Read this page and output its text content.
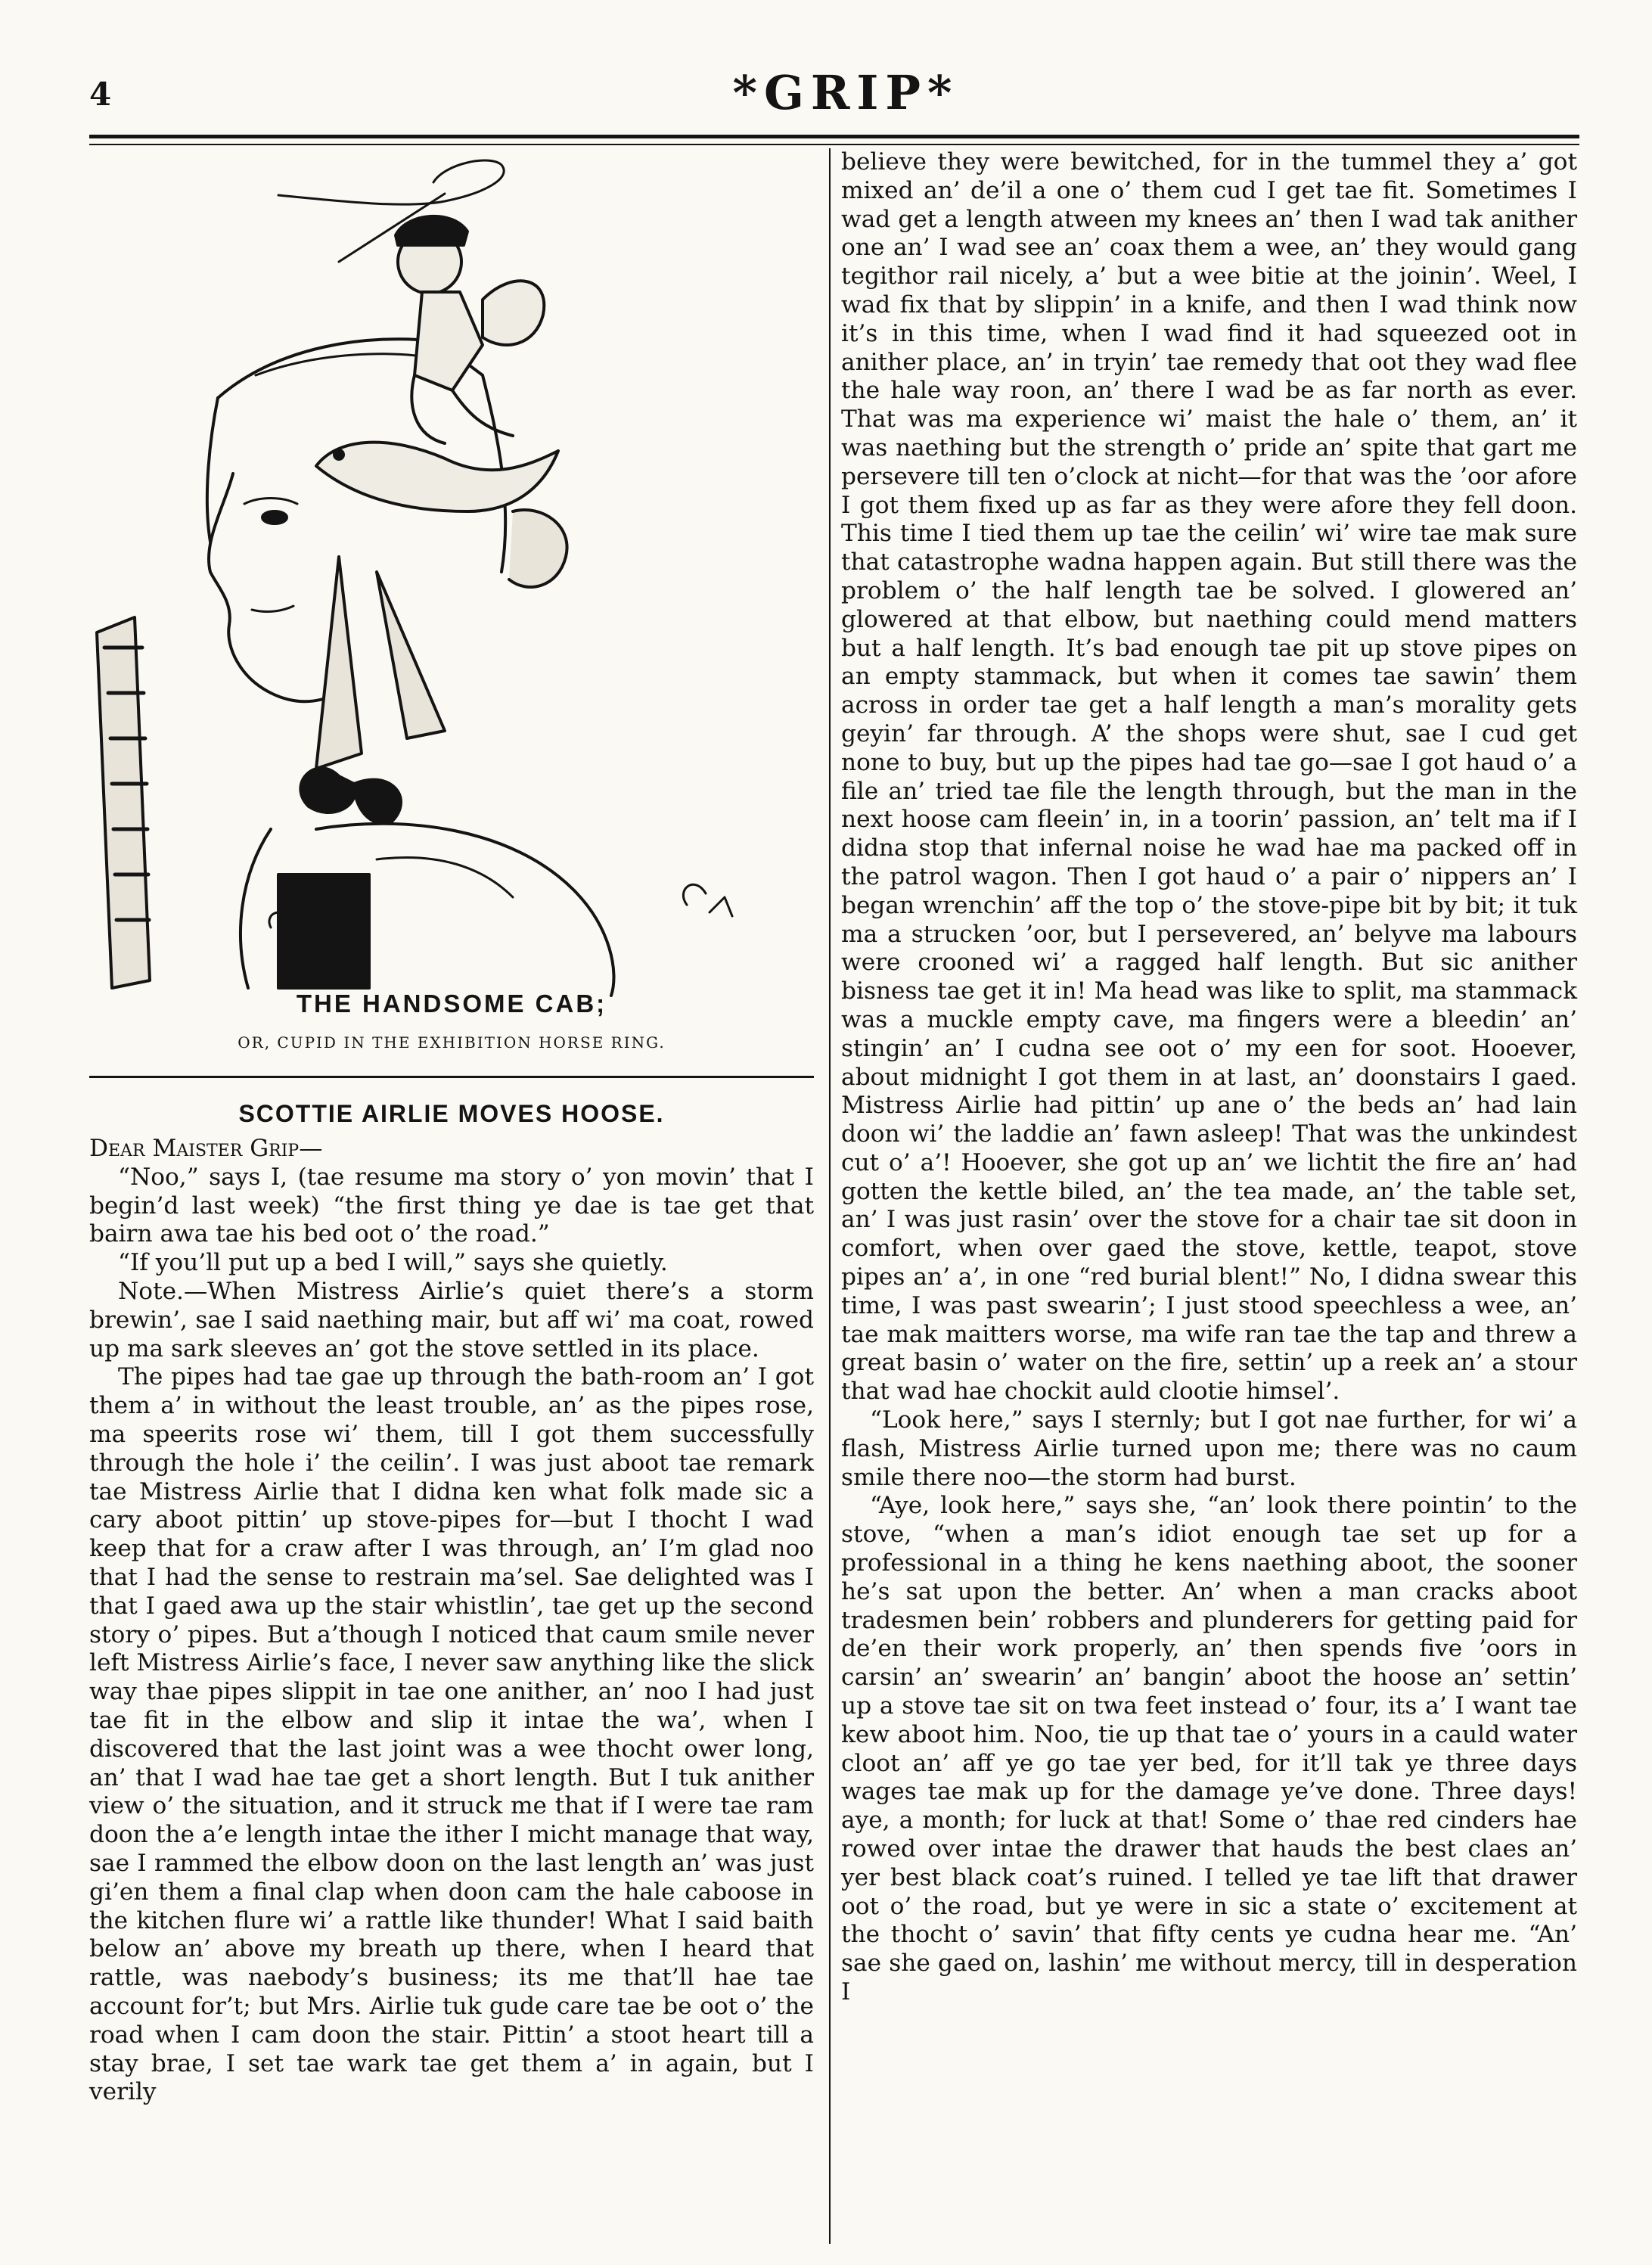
4	*GRIP*
THE HANDSOME CAB;
OR, CUPID IN THE EXHIBITION HORSE RING.
SCOTTIE AIRLIE MOVES HOOSE.

Dear Maister Grip—

“Noo,” says I, (tae resume ma story o’ yon movin’ that I begin’d last week) “the first thing ye dae is tae get that bairn awa tae his bed oot o’ the road.”

“If you’ll put up a bed I will,” says she quietly.

Note.—When Mistress Airlie’s quiet there’s a storm brewin’, sae I said naething mair, but aff wi’ ma coat, rowed up ma sark sleeves an’ got the stove settled in its place.

The pipes had tae gae up through the bath-room an’ I got them a’ in without the least trouble, an’ as the pipes rose, ma speerits rose wi’ them, till I got them successfully through the hole i’ the ceilin’. I was just aboot tae remark tae Mistress Airlie that I didna ken what folk made sic a cary aboot pittin’ up stove-pipes for—but I thocht I wad keep that for a craw after I was through, an’ I’m glad noo that I had the sense to restrain ma’sel. Sae delighted was I that I gaed awa up the stair whistlin’, tae get up the second story o’ pipes. But a’though I noticed that caum smile never left Mistress Airlie’s face, I never saw anything like the slick way thae pipes slippit in tae one anither, an’ noo I had just tae fit in the elbow and slip it intae the wa’, when I discovered that the last joint was a wee thocht ower long, an’ that I wad hae tae get a short length. But I tuk anither view o’ the situation, and it struck me that if I were tae ram doon the a’e length intae the ither I micht manage that way, sae I rammed the elbow doon on the last length an’ was just gi’en them a final clap when doon cam the hale caboose in the kitchen flure wi’ a rattle like thunder! What I said baith below an’ above my breath up there, when I heard that rattle, was naebody’s business; its me that’ll hae tae account for’t; but Mrs. Airlie tuk gude care tae be oot o’ the road when I cam doon the stair. Pittin’ a stoot heart till a stay brae, I set tae wark tae get them a’ in again, but I verily

believe they were bewitched, for in the tummel they a’ got mixed an’ de’il a one o’ them cud I get tae fit. Sometimes I wad get a length atween my knees an’ then I wad tak anither one an’ I wad see an’ coax them a wee, an’ they would gang tegithor rail nicely, a’ but a wee bitie at the joinin’. Weel, I wad fix that by slippin’ in a knife, and then I wad think now it’s in this time, when I wad find it had squeezed oot in anither place, an’ in tryin’ tae remedy that oot they wad flee the hale way roon, an’ there I wad be as far north as ever. That was ma experience wi’ maist the hale o’ them, an’ it was naething but the strength o’ pride an’ spite that gart me persevere till ten o’clock at nicht—for that was the ’oor afore I got them fixed up as far as they were afore they fell doon. This time I tied them up tae the ceilin’ wi’ wire tae mak sure that catastrophe wadna happen again. But still there was the problem o’ the half length tae be solved. I glowered an’ glowered at that elbow, but naething could mend matters but a half length. It’s bad enough tae pit up stove pipes on an empty stammack, but when it comes tae sawin’ them across in order tae get a half length a man’s morality gets geyin’ far through. A’ the shops were shut, sae I cud get none to buy, but up the pipes had tae go—sae I got haud o’ a file an’ tried tae file the length through, but the man in the next hoose cam fleein’ in, in a toorin’ passion, an’ telt ma if I didna stop that infernal noise he wad hae ma packed off in the patrol wagon. Then I got haud o’ a pair o’ nippers an’ I began wrenchin’ aff the top o’ the stove-pipe bit by bit; it tuk ma a strucken ’oor, but I persevered, an’ belyve ma labours were crooned wi’ a ragged half length. But sic anither bisness tae get it in! Ma head was like to split, ma stammack was a muckle empty cave, ma fingers were a bleedin’ an’ stingin’ an’ I cudna see oot o’ my een for soot. Hooever, about midnight I got them in at last, an’ doonstairs I gaed. Mistress Airlie had pittin’ up ane o’ the beds an’ had lain doon wi’ the laddie an’ fawn asleep! That was the unkindest cut o’ a’! Hooever, she got up an’ we lichtit the fire an’ had gotten the kettle biled, an’ the tea made, an’ the table set, an’ I was just rasin’ over the stove for a chair tae sit doon in comfort, when over gaed the stove, kettle, teapot, stove pipes an’ a’, in one “red burial blent!” No, I didna swear this time, I was past swearin’; I just stood speechless a wee, an’ tae mak maitters worse, ma wife ran tae the tap and threw a great basin o’ water on the fire, settin’ up a reek an’ a stour that wad hae chockit auld clootie himsel’.

“Look here,” says I sternly; but I got nae further, for wi’ a flash, Mistress Airlie turned upon me; there was no caum smile there noo—the storm had burst.

“Aye, look here,” says she, “an’ look there pointin’ to the stove, “when a man’s idiot enough tae set up for a professional in a thing he kens naething aboot, the sooner he’s sat upon the better. An’ when a man cracks aboot tradesmen bein’ robbers and plunderers for getting paid for de’en their work properly, an’ then spends five ’oors in carsin’ an’ swearin’ an’ bangin’ aboot the hoose an’ settin’ up a stove tae sit on twa feet instead o’ four, its a’ I want tae kew aboot him. Noo, tie up that tae o’ yours in a cauld water cloot an’ aff ye go tae yer bed, for it’ll tak ye three days wages tae mak up for the damage ye’ve done. Three days! aye, a month; for luck at that! Some o’ thae red cinders hae rowed over intae the drawer that hauds the best claes an’ yer best black coat’s ruined. I telled ye tae lift that drawer oot o’ the road, but ye were in sic a state o’ excitement at the thocht o’ savin’ that fifty cents ye cudna hear me. “An’ sae she gaed on, lashin’ me without mercy, till in desperation I
